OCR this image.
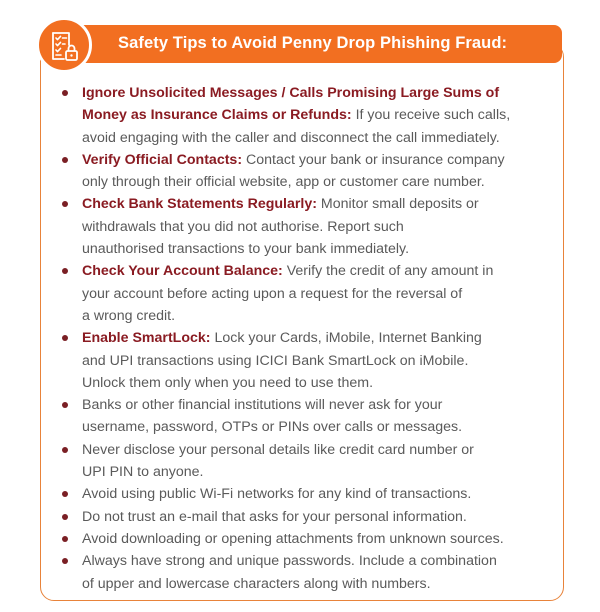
Safety Tips to Avoid Penny Drop Phishing Fraud:
Ignore Unsolicited Messages / Calls Promising Large Sums of
Money as Insurance Claims or Refunds: If you receive such calls,
avoid engaging with the caller and disconnect the call immediately.
Verify Official Contacts: Contact your bank or insurance company
only through their official website, app or customer care number.
Check Bank Statements Regularly: Monitor small deposits or
withdrawals that you did not authorise. Report such
unauthorised transactions to your bank immediately.
Check Your Account Balance: Verify the credit of any amount in
your account before acting upon a request for the reversal of
a wrong credit.
Enable SmartLock: Lock your Cards, iMobile, Internet Banking
and UPI transactions using ICICI Bank SmartLock on iMobile.
Unlock them only when you need to use them.
Banks or other financial institutions will never ask for your
username, password, OTPs or PINs over calls or messages.
Never disclose your personal details like credit card number or
UPI PIN to anyone.
Avoid using public Wi-Fi networks for any kind of transactions.
Do not trust an e-mail that asks for your personal information.
Avoid downloading or opening attachments from unknown sources.
Always have strong and unique passwords. Include a combination
of upper and lowercase characters along with numbers.
